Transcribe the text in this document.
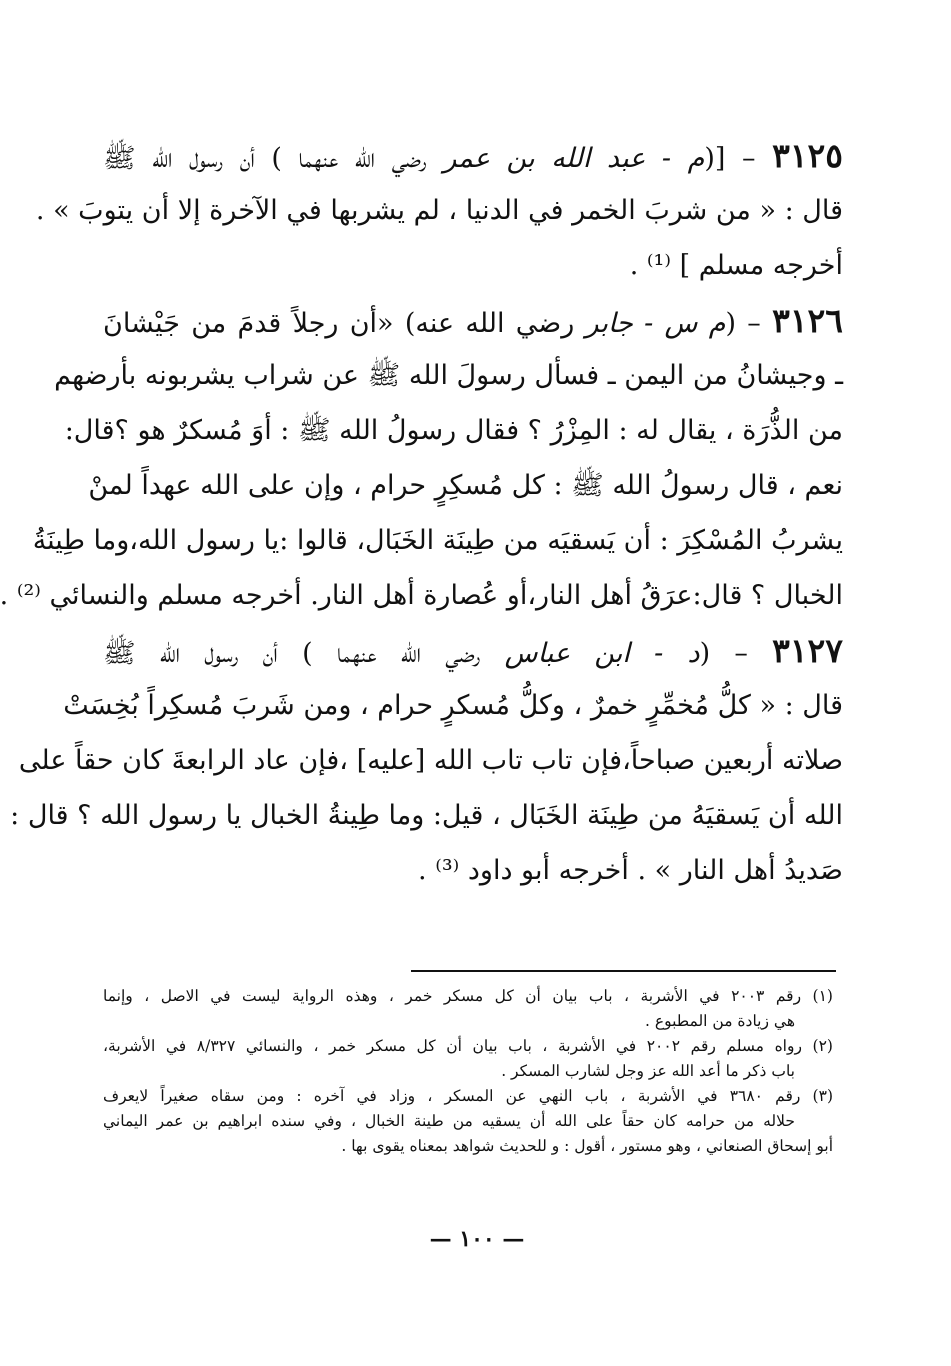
٣١٢٥ – [(م - عبد الله بن عمر رضي الله عنهما ) أن رسول الله ﷺ
قال : « من شربَ الخمر في الدنيا ، لم يشربها في الآخرة إلا أن يتوبَ » .
أخرجه مسلم ] ⁽¹⁾ .
٣١٢٦ – (م س - جابر رضي الله عنه) «أن رجلاً قدمَ من جَيْشانَ
ـ وجيشانُ من اليمن ـ فسأل رسولَ الله ﷺ عن شراب يشربونه بأرضهم
من الذُّرَة ، يقال له : المِزْرُ ؟ فقال رسولُ الله ﷺ : أوَ مُسكرٌ هو ؟قال:
نعم ، قال رسولُ الله ﷺ : كل مُسكِرٍ حرام ، وإن على الله عهداً لمنْ
يشربُ المُسْكِرَ : أن يَسقيَه من طِينَة الخَبَال، قالوا :يا رسول الله،وما طِينَةُ
الخبال ؟ قال:عرَقُ أهل النار،أو عُصارة أهل النار. أخرجه مسلم والنسائي ⁽²⁾ .
٣١٢٧ – (د - ابن عباس رضي الله عنهما ) أن رسول الله ﷺ
قال : « كلُّ مُخمِّرٍ خمرٌ ، وكلُّ مُسكرٍ حرام ، ومن شَربَ مُسكِراً بُخِسَتْ
صلاته أربعين صباحاً،فإن تاب تاب الله [عليه] ،فإن عاد الرابعةَ كان حقاً على
الله أن يَسقيَهُ من طِينَة الخَبَال ، قيل: وما طِينةُ الخبال يا رسول الله ؟ قال :
صَديدُ أهل النار » . أخرجه أبو داود ⁽³⁾ .
(١) رقم ٢٠٠٣ في الأشربة ، باب بيان أن كل مسكر خمر ، وهذه الرواية ليست في الاصل ، وإنما
هي زيادة من المطبوع .
(٢) رواه مسلم رقم ٢٠٠٢ في الأشربة ، باب بيان أن كل مسكر خمر ، والنسائي ٨/٣٢٧ في الأشربة،
باب ذكر ما أعد الله عز وجل لشارب المسكر .
(٣) رقم ٣٦٨٠ في الأشربة ، باب النهي عن المسكر ، وزاد في آخره : ومن سقاه صغيراً لايعرف
حلاله من حرامه كان حقاً على الله أن يسقيه من طينة الخبال ، وفي سنده ابراهيم بن عمر اليماني
أبو إسحاق الصنعاني ، وهو مستور ، أقول : و للحديث شواهد بمعناه يقوى بها .
— ١٠٠ —
